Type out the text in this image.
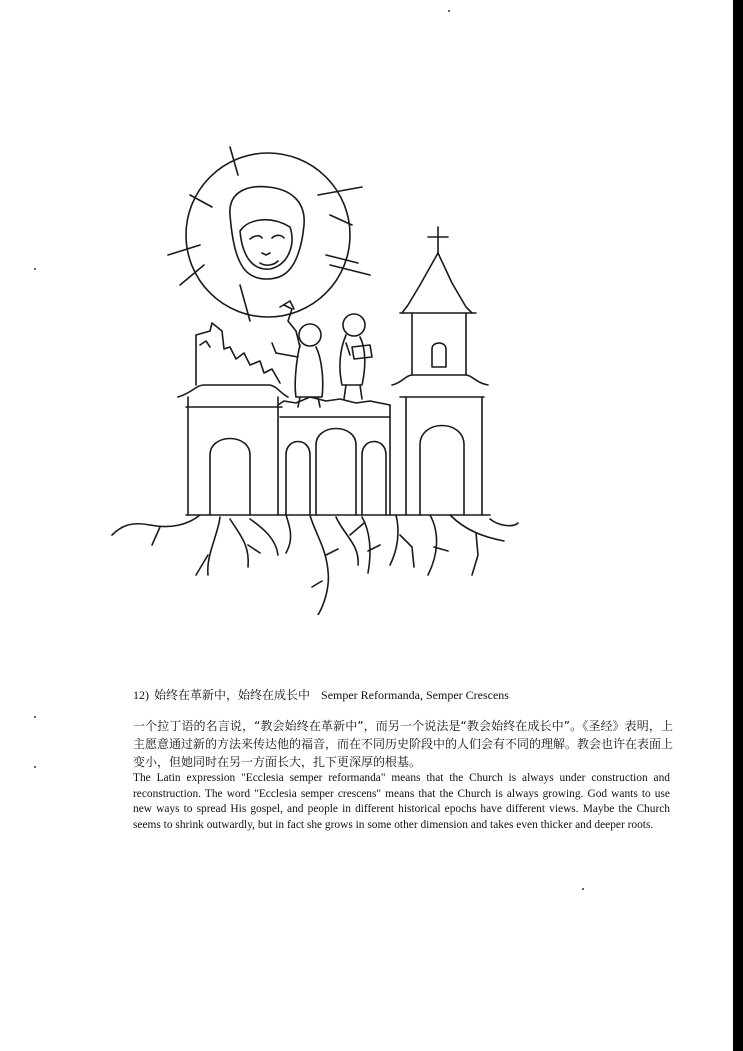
12) 始终在革新中，始终在成长中 Semper Reformanda, Semper Crescens
一个拉丁语的名言说，“教会始终在革新中”，而另一个说法是“教会始终在成长中”。《圣经》表明，上主愿意通过新的方法来传达他的福音，而在不同历史阶段中的人们会有不同的理解。教会也许在表面上变小，但她同时在另一方面长大，扎下更深厚的根基。
The Latin expression "Ecclesia semper reformanda" means that the Church is always under construction and reconstruction. The word "Ecclesia semper crescens" means that the Church is always growing. God wants to use new ways to spread His gospel, and people in different historical epochs have different views. Maybe the Church seems to shrink outwardly, but in fact she grows in some other dimension and takes even thicker and deeper roots.
